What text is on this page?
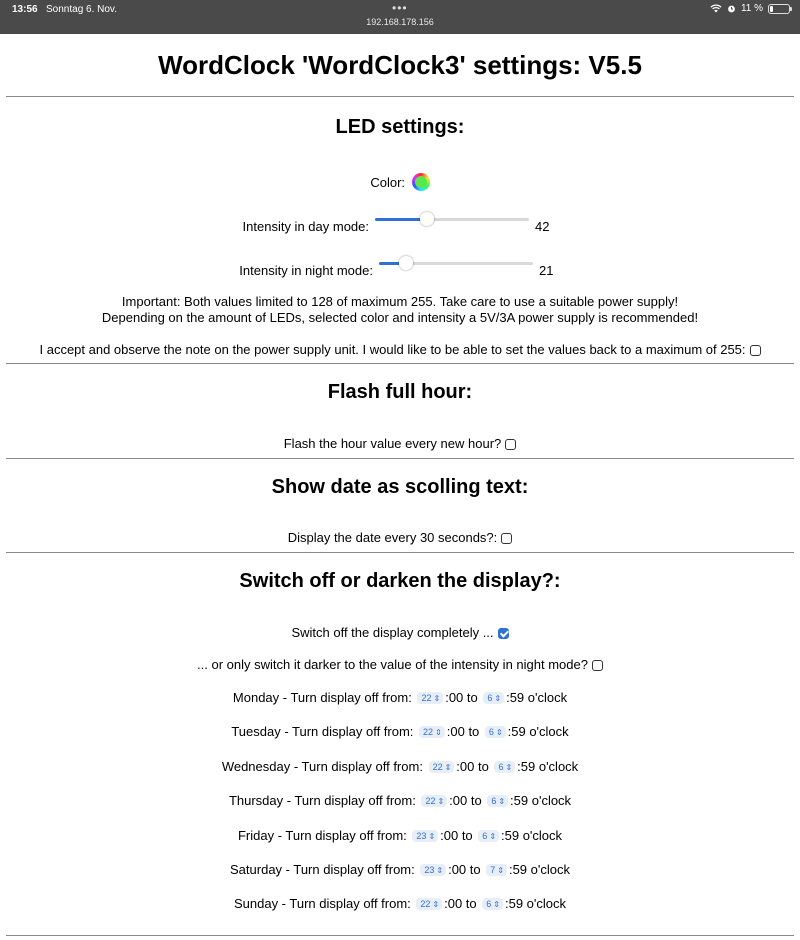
13:56 Sonntag 6. Nov.	•••
192.168.178.156
11 %
WordClock 'WordClock3' settings: V5.5
LED settings:
Color:
Intensity in day mode:	42
Intensity in night mode:	21
Important: Both values limited to 128 of maximum 255. Take care to use a suitable power supply!
Depending on the amount of LEDs, selected color and intensity a 5V/3A power supply is recommended!
I accept and observe the note on the power supply unit. I would like to be able to set the values back to a maximum of 255:
Flash full hour:
Flash the hour value every new hour?
Show date as scolling text:
Display the date every 30 seconds?:
Switch off or darken the display?:
Switch off the display completely ...
... or only switch it darker to the value of the intensity in night mode?
Monday - Turn display off from: 22 ⇕ :00 to 6 ⇕ :59 o'clock
Tuesday - Turn display off from: 22 ⇕ :00 to 6 ⇕ :59 o'clock
Wednesday - Turn display off from: 22 ⇕ :00 to 6 ⇕ :59 o'clock
Thursday - Turn display off from: 22 ⇕ :00 to 6 ⇕ :59 o'clock
Friday - Turn display off from: 23 ⇕ :00 to 6 ⇕ :59 o'clock
Saturday - Turn display off from: 23 ⇕ :00 to 7 ⇕ :59 o'clock
Sunday - Turn display off from: 22 ⇕ :00 to 6 ⇕ :59 o'clock
